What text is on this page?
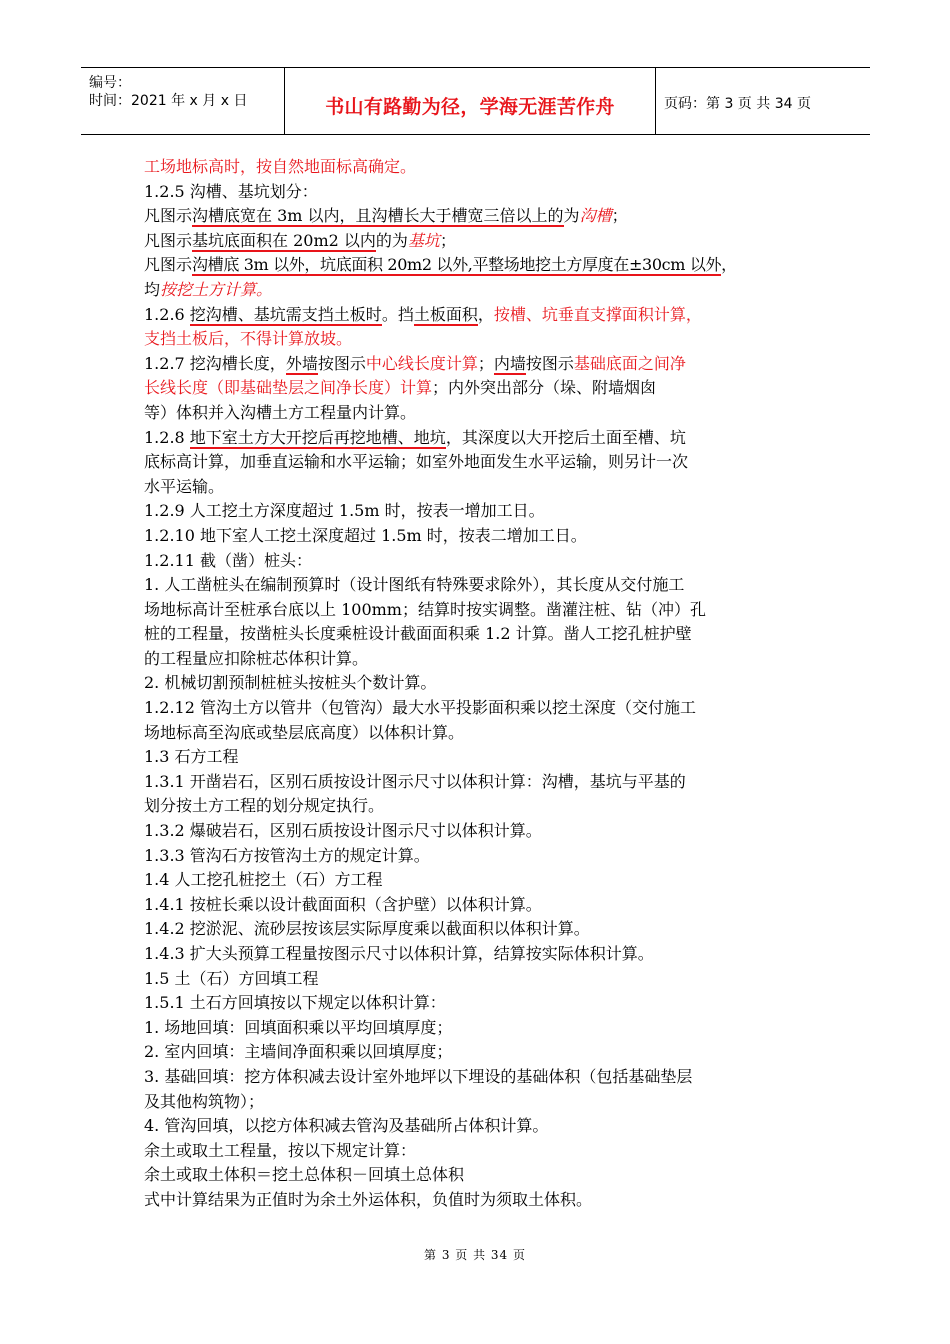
编号：
时间：2021 年 x 月 x 日	书山有路勤为径，学海无涯苦作舟	页码：第 3 页 共 34 页
工场地标高时，按自然地面标高确定。
1.2.5 沟槽、基坑划分：
凡图示沟槽底宽在 3m 以内，且沟槽长大于槽宽三倍以上的为沟槽；
凡图示基坑底面积在 20m2 以内的为基坑；
凡图示沟槽底 3m 以外，坑底面积 20m2 以外,平整场地挖土方厚度在±30cm 以外，
均按挖土方计算。
1.2.6 挖沟槽、基坑需支挡土板时。挡土板面积，按槽、坑垂直支撑面积计算，
支挡土板后，不得计算放坡。
1.2.7 挖沟槽长度，外墙按图示中心线长度计算；内墙按图示基础底面之间净
长线长度（即基础垫层之间净长度）计算；内外突出部分（垛、附墙烟囱
等）体积并入沟槽土方工程量内计算。
1.2.8 地下室土方大开挖后再挖地槽、地坑，其深度以大开挖后土面至槽、坑
底标高计算，加垂直运输和水平运输；如室外地面发生水平运输，则另计一次
水平运输。
1.2.9 人工挖土方深度超过 1.5m 时，按表一增加工日。
1.2.10 地下室人工挖土深度超过 1.5m 时，按表二增加工日。
1.2.11 截（凿）桩头：
1. 人工凿桩头在编制预算时（设计图纸有特殊要求除外），其长度从交付施工
场地标高计至桩承台底以上 100mm；结算时按实调整。凿灌注桩、钻（冲）孔
桩的工程量，按凿桩头长度乘桩设计截面面积乘 1.2 计算。凿人工挖孔桩护壁
的工程量应扣除桩芯体积计算。
2. 机械切割预制桩桩头按桩头个数计算。
1.2.12 管沟土方以管井（包管沟）最大水平投影面积乘以挖土深度（交付施工
场地标高至沟底或垫层底高度）以体积计算。
1.3 石方工程
1.3.1 开凿岩石，区别石质按设计图示尺寸以体积计算：沟槽，基坑与平基的
划分按土方工程的划分规定执行。
1.3.2 爆破岩石，区别石质按设计图示尺寸以体积计算。
1.3.3 管沟石方按管沟土方的规定计算。
1.4 人工挖孔桩挖土（石）方工程
1.4.1 按桩长乘以设计截面面积（含护壁）以体积计算。
1.4.2 挖淤泥、流砂层按该层实际厚度乘以截面积以体积计算。
1.4.3 扩大头预算工程量按图示尺寸以体积计算，结算按实际体积计算。
1.5 土（石）方回填工程
1.5.1 土石方回填按以下规定以体积计算：
1. 场地回填：回填面积乘以平均回填厚度；
2. 室内回填：主墙间净面积乘以回填厚度；
3. 基础回填：挖方体积减去设计室外地坪以下埋设的基础体积（包括基础垫层
及其他构筑物）；
4. 管沟回填，以挖方体积减去管沟及基础所占体积计算。
余土或取土工程量，按以下规定计算：
余土或取土体积＝挖土总体积－回填土总体积
式中计算结果为正值时为余土外运体积，负值时为须取土体积。
第 3 页 共 34 页
